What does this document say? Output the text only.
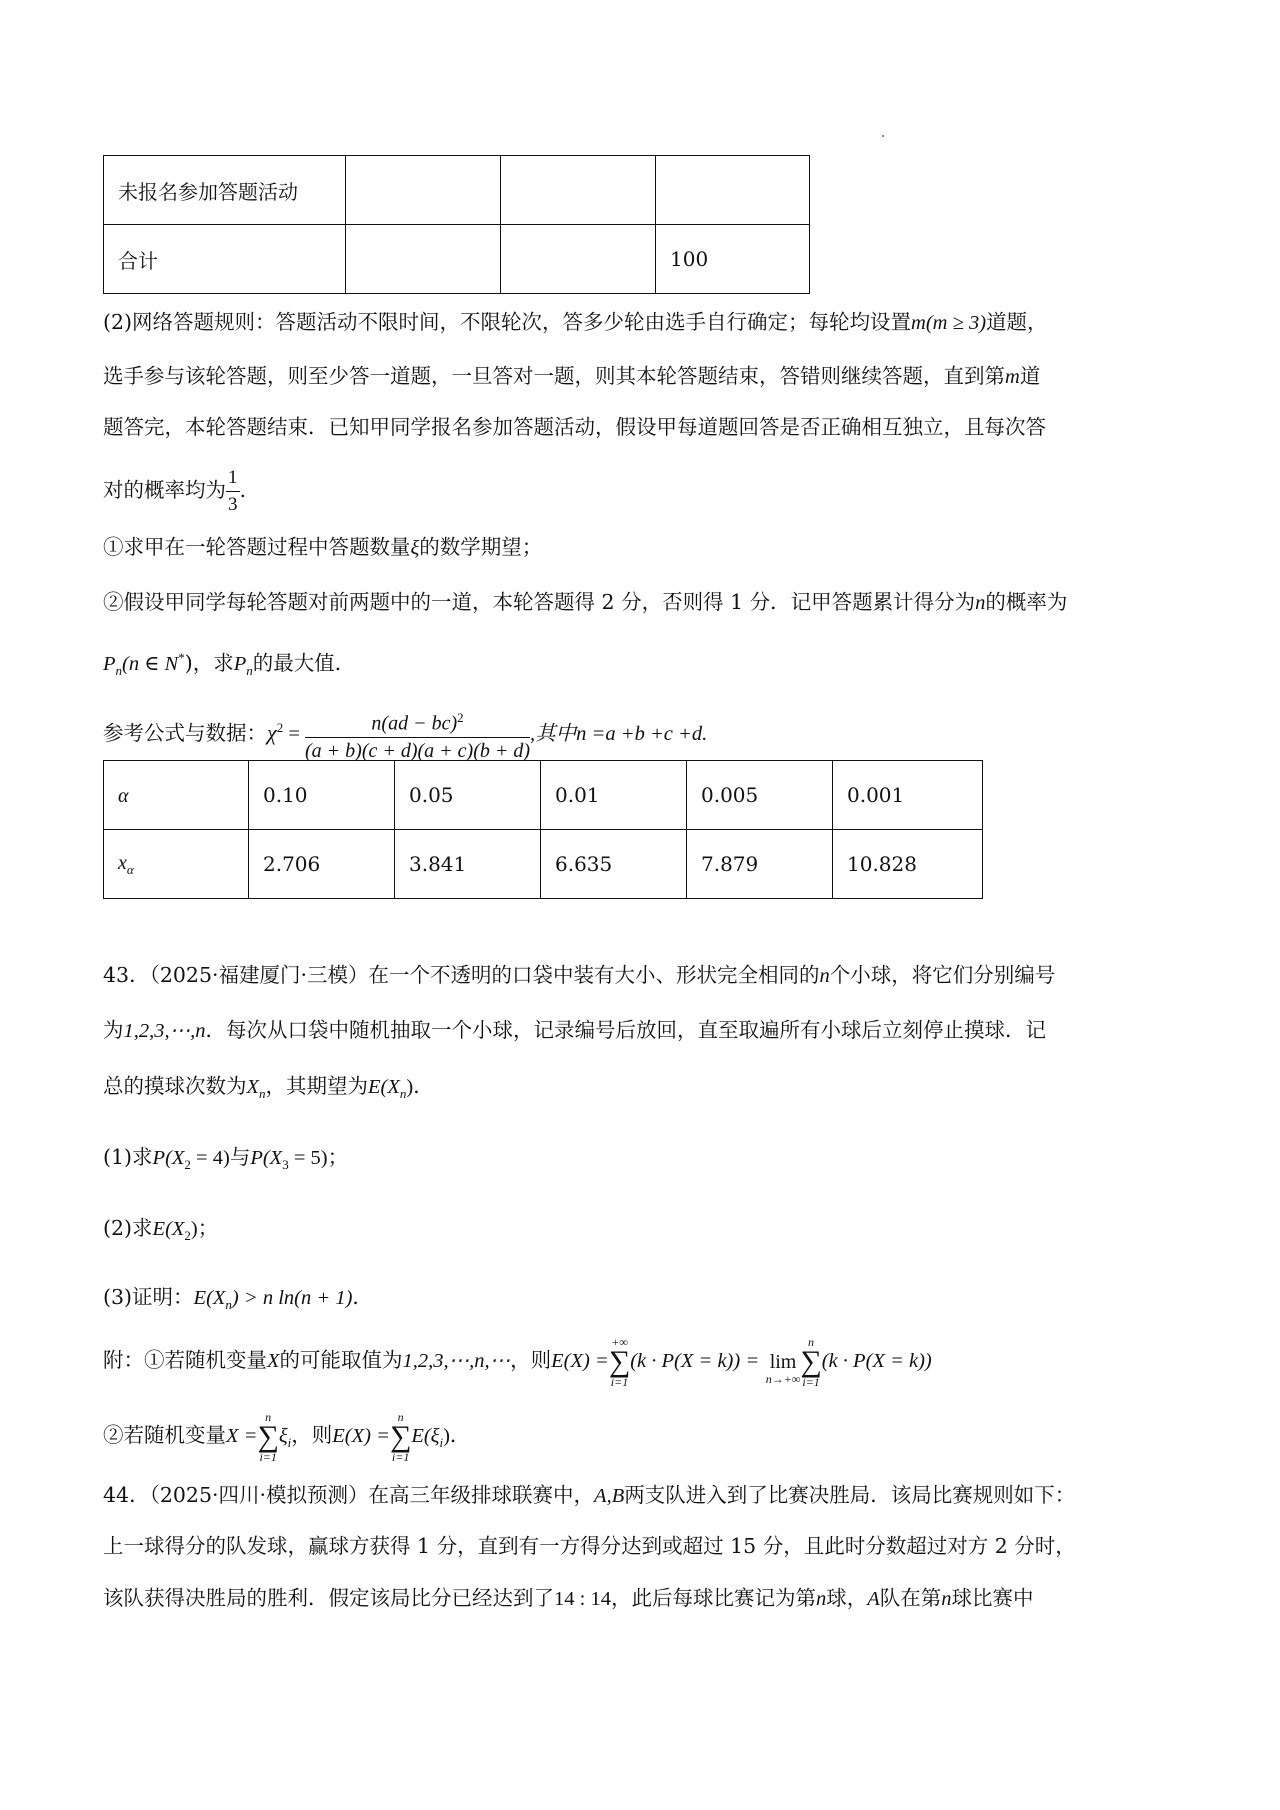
未报名参加答题活动			
合计			100
(2)网络答题规则：答题活动不限时间，不限轮次，答多少轮由选手自行确定；每轮均设置m(m ≥ 3)道题，
选手参与该轮答题，则至少答一道题，一旦答对一题，则其本轮答题结束，答错则继续答题，直到第m道
题答完，本轮答题结束．已知甲同学报名参加答题活动，假设甲每道题回答是否正确相互独立，且每次答
对的概率均为 $\frac{1}{3}$ .
①求甲在一轮答题过程中答题数量ξ的数学期望；
②假设甲同学每轮答题对前两题中的一道，本轮答题得 2 分，否则得 1 分．记甲答题累计得分为n的概率为
$P_n(n$ ∈ N*)，求$P_n$的最大值．
参考公式与数据：$\chi^2 = \frac{n(ad - bc)^2}{(a + b)(c + d)(a + c)(b + d)}$ ,其中n =a +b +c +d.
α	0.10	0.05	0.01	0.005	0.001
$x_\alpha$	2.706	3.841	6.635	7.879	10.828
43．（2025·福建厦门·三模）在一个不透明的口袋中装有大小、形状完全相同的n个小球，将它们分别编号
为1,2,3,⋯,n．每次从口袋中随机抽取一个小球，记录编号后放回，直至取遍所有小球后立刻停止摸球．记
总的摸球次数为$X_n$，其期望为$E(X_n)$．
(1)求$P(X_2 = 4)$与$P(X_3 = 5)$；
(2)求$E(X_2)$；
(3)证明：$E(X_n) > n$ ln(n + 1)．
附：①若随机变量X的可能取值为1,2,3,⋯,n,⋯，则E(X) =
+∞
∑
i=1
(k · P(X = k)) =
lim
n→+∞
n
∑
i=1
(k · P(X = k))
②若随机变量X =
n
∑
i=1
$\xi_i$，则E(X) =
n
∑
i=1
$E(\xi_i)$．
44．（2025·四川·模拟预测）在高三年级排球联赛中，A,B两支队进入到了比赛决胜局．该局比赛规则如下：
上一球得分的队发球，赢球方获得 1 分，直到有一方得分达到或超过 15 分，且此时分数超过对方 2 分时，
该队获得决胜局的胜利．假定该局比分已经达到了14 : 14，此后每球比赛记为第n球，A队在第n球比赛中
